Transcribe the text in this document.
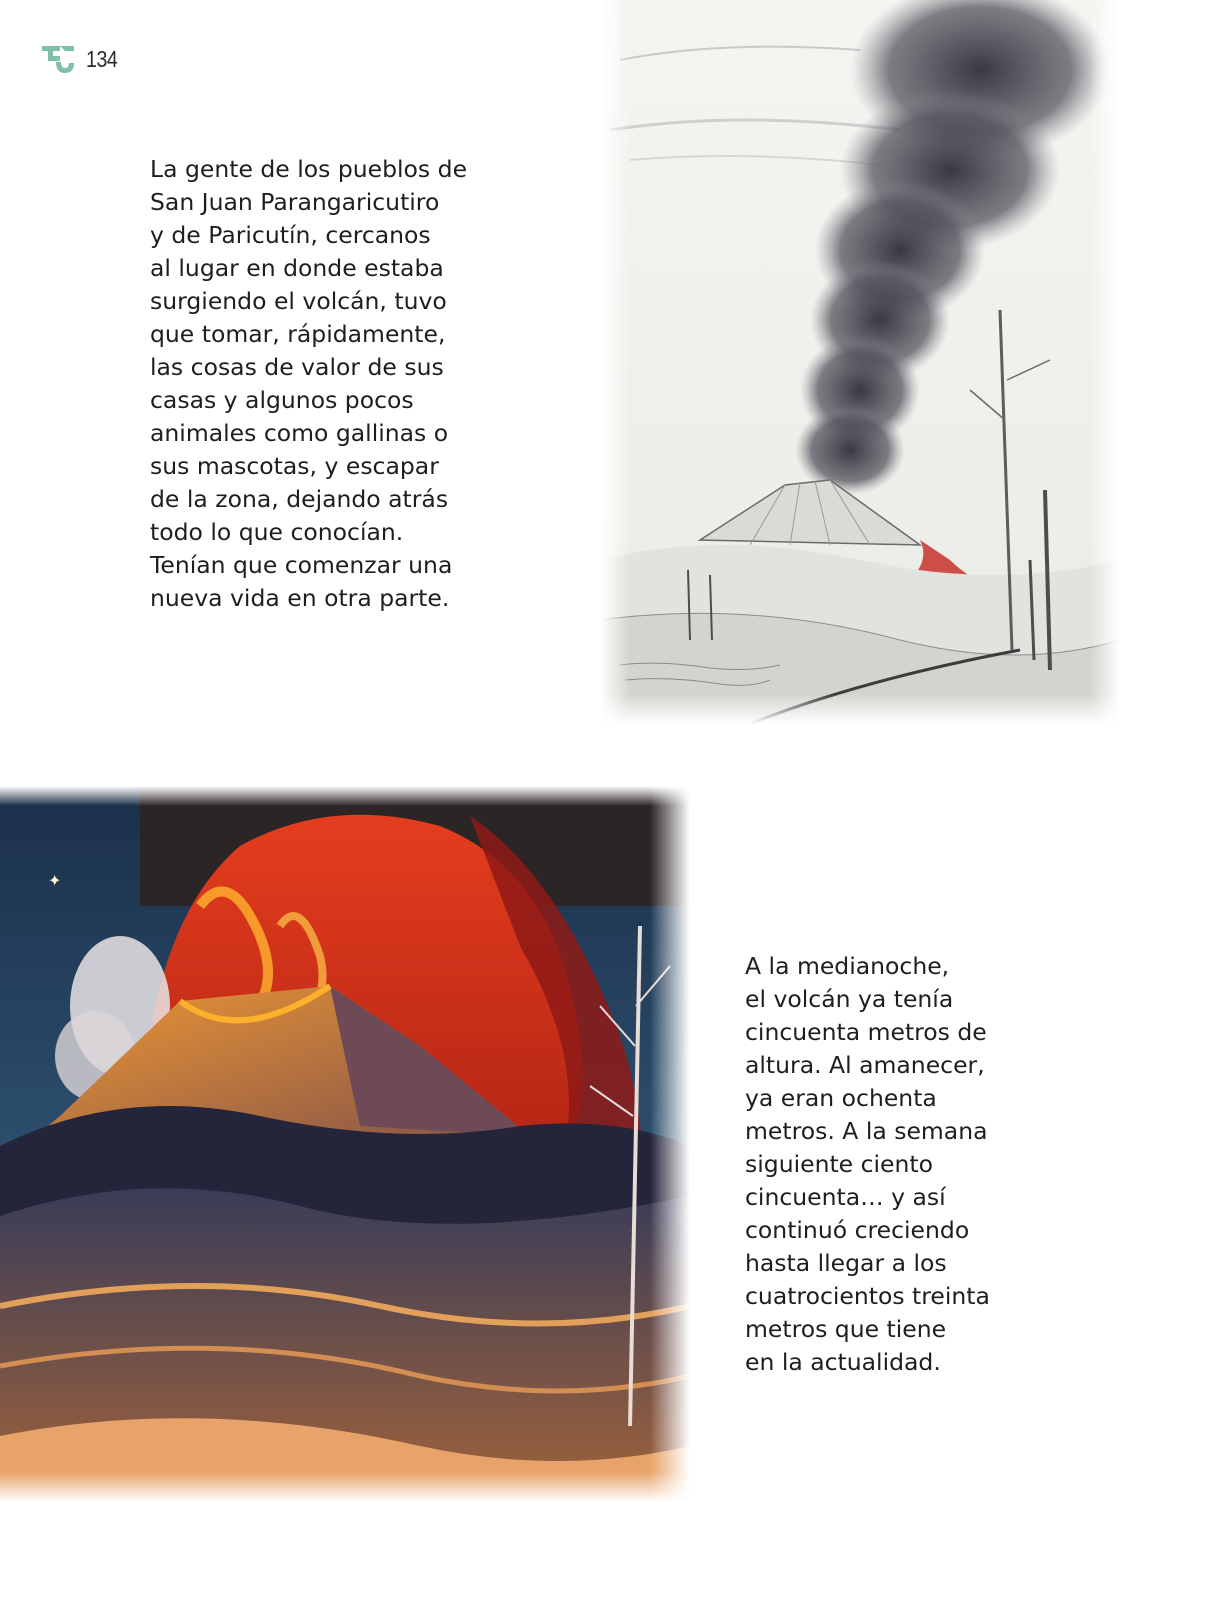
134

La gente de los pueblos de
San Juan Parangaricutiro
y de Paricutín, cercanos
al lugar en donde estaba
surgiendo el volcán, tuvo
que tomar, rápidamente,
las cosas de valor de sus
casas y algunos pocos
animales como gallinas o
sus mascotas, y escapar
de la zona, dejando atrás
todo lo que conocían.
Tenían que comenzar una
nueva vida en otra parte.

✦

A la medianoche,
el volcán ya tenía
cincuenta metros de
altura. Al amanecer,
ya eran ochenta
metros. A la semana
siguiente ciento
cincuenta… y así
continuó creciendo
hasta llegar a los
cuatrocientos treinta
metros que tiene
en la actualidad.
